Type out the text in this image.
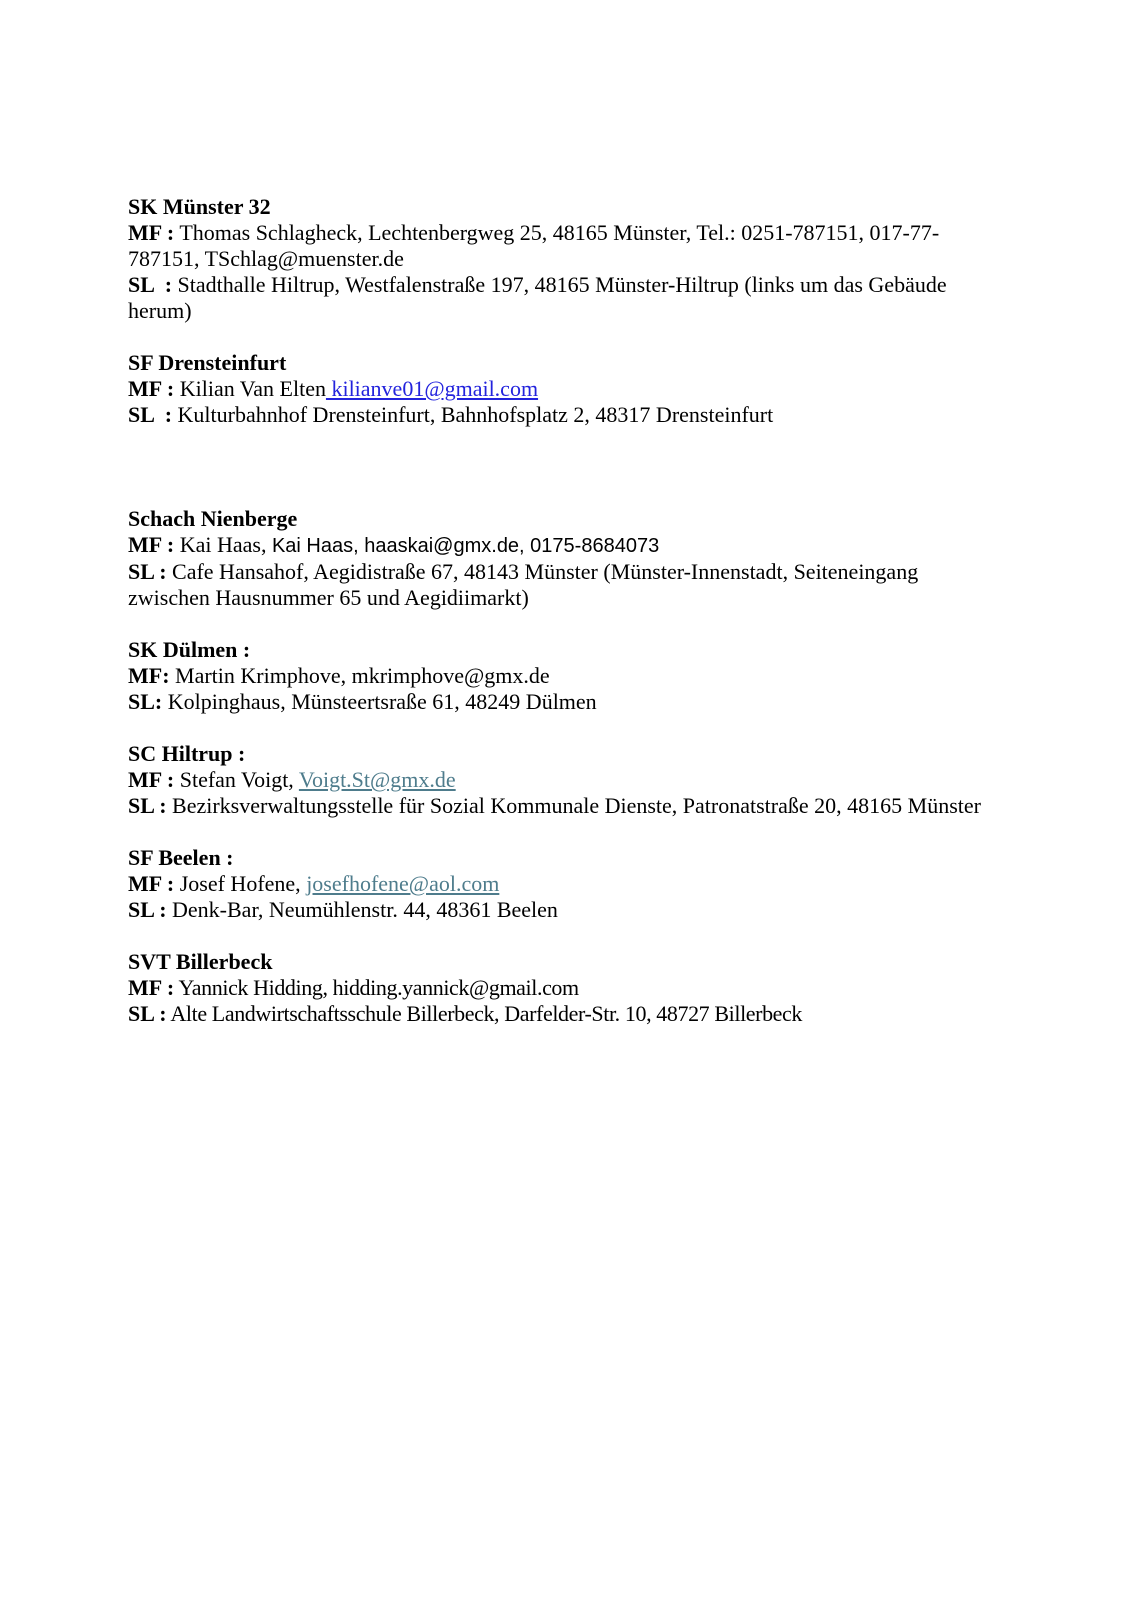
SK Münster 32

MF : Thomas Schlagheck, Lechtenbergweg 25, 48165 Münster, Tel.: 0251-787151, 017-77-787151, TSchlag@muenster.de

SL  : Stadthalle Hiltrup, Westfalenstraße 197, 48165 Münster-Hiltrup (links um das Gebäude herum)

SF Drensteinfurt

MF : Kilian Van Elten kilianve01@gmail.com

SL  : Kulturbahnhof Drensteinfurt, Bahnhofsplatz 2, 48317 Drensteinfurt

Schach Nienberge

MF : Kai Haas, Kai Haas, haaskai@gmx.de, 0175-8684073

SL : Cafe Hansahof, Aegidistraße 67, 48143 Münster (Münster-Innenstadt, Seiteneingang zwischen Hausnummer 65 und Aegidiimarkt)

SK Dülmen :

MF: Martin Krimphove, mkrimphove@gmx.de

SL: Kolpinghaus, Münsteertsraße 61, 48249 Dülmen

SC Hiltrup :

MF : Stefan Voigt, Voigt.St@gmx.de

SL : Bezirksverwaltungsstelle für Sozial Kommunale Dienste, Patronatstraße 20, 48165 Münster

SF Beelen :

MF : Josef Hofene, josefhofene@aol.com

SL : Denk-Bar, Neumühlenstr. 44, 48361 Beelen

SVT Billerbeck

MF : Yannick Hidding, hidding.yannick@gmail.com

SL : Alte Landwirtschaftsschule Billerbeck, Darfelder-Str. 10, 48727 Billerbeck
